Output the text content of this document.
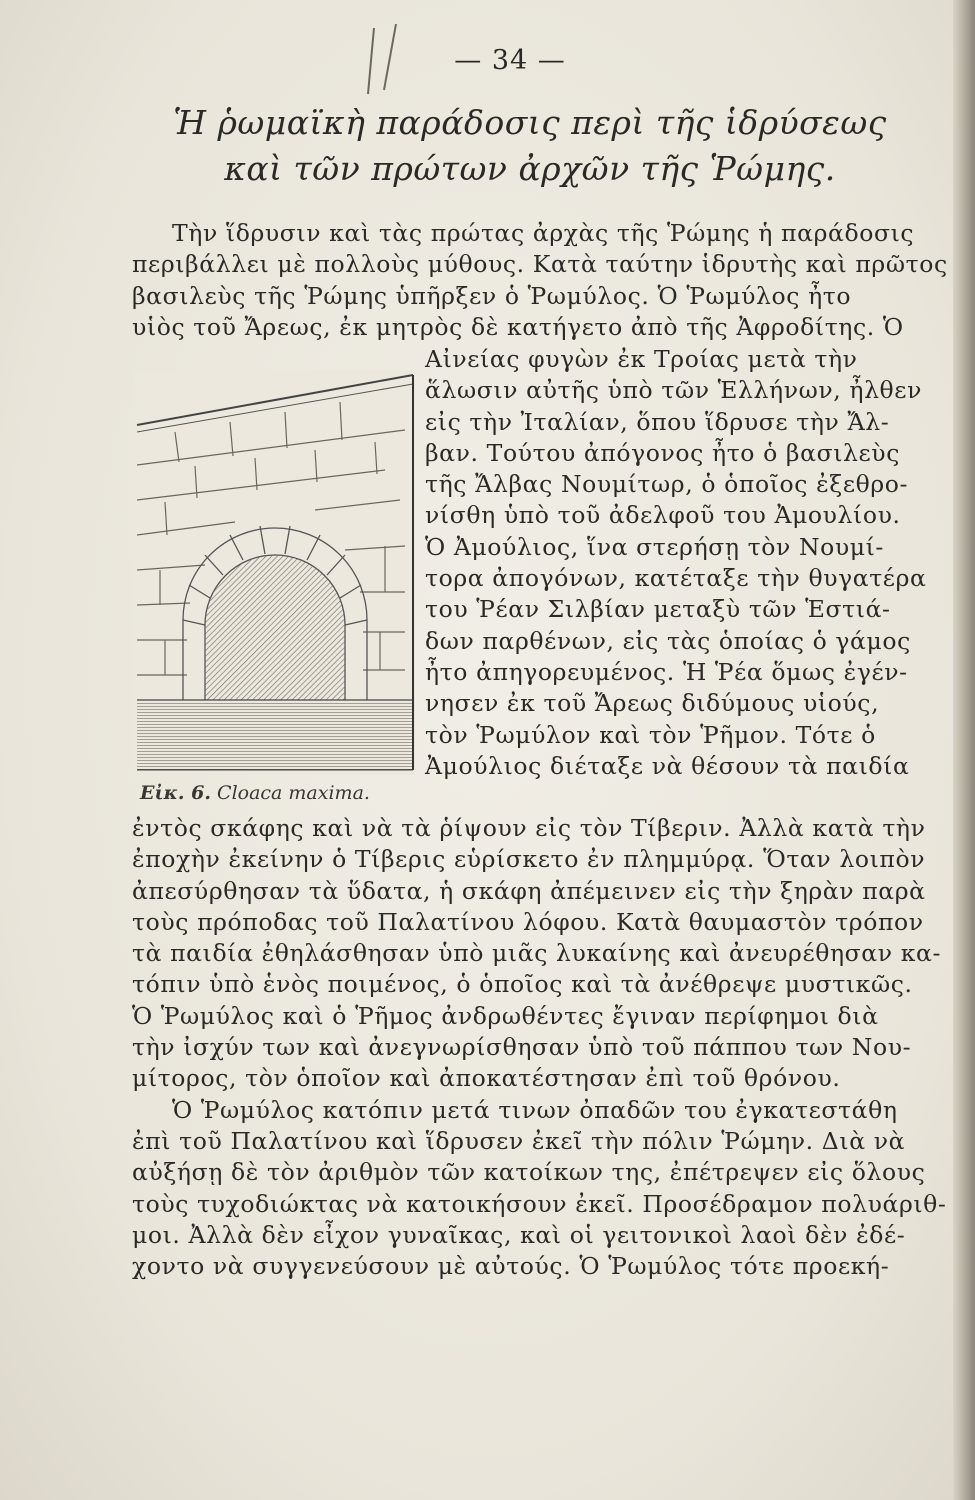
— 34 —
Ἡ ῥωμαϊκὴ παράδοσις περὶ τῆς ἱδρύσεως
καὶ τῶν πρώτων ἀρχῶν τῆς Ῥώμης.
Τὴν ἵδρυσιν καὶ τὰς πρώτας ἀρχὰς τῆς Ῥώμης ἡ παράδοσις
περιβάλλει μὲ πολλοὺς μύθους. Κατὰ ταύτην ἱδρυτὴς καὶ πρῶτος
βασιλεὺς τῆς Ῥώμης ὑπῆρξεν ὁ Ῥωμύλος. Ὁ Ῥωμύλος ἦτο
υἱὸς τοῦ Ἄρεως, ἐκ μητρὸς δὲ κατήγετο ἀπὸ τῆς Ἀφροδίτης. Ὁ
Αἰνείας φυγὼν ἐκ Τροίας μετὰ τὴν
ἅλωσιν αὐτῆς ὑπὸ τῶν Ἑλλήνων, ἦλθεν
εἰς τὴν Ἰταλίαν, ὅπου ἵδρυσε τὴν Ἄλ-
βαν. Τούτου ἀπόγονος ἦτο ὁ βασιλεὺς
τῆς Ἄλβας Νουμίτωρ, ὁ ὁποῖος ἐξεθρο-
νίσθη ὑπὸ τοῦ ἀδελφοῦ του Ἀμουλίου.
Ὁ Ἀμούλιος, ἵνα στερήσῃ τὸν Νουμί-
τορα ἀπογόνων, κατέταξε τὴν θυγατέρα
του Ῥέαν Σιλβίαν μεταξὺ τῶν Ἑστιά-
δων παρθένων, εἰς τὰς ὁποίας ὁ γάμος
ἦτο ἀπηγορευμένος. Ἡ Ῥέα ὅμως ἐγέν-
νησεν ἐκ τοῦ Ἄρεως διδύμους υἱούς,
τὸν Ῥωμύλον καὶ τὸν Ῥῆμον. Τότε ὁ
Ἀμούλιος διέταξε νὰ θέσουν τὰ παιδία
Εἰκ. 6. Cloaca maxima.
ἐντὸς σκάφης καὶ νὰ τὰ ῥίψουν εἰς τὸν Τίβεριν. Ἀλλὰ κατὰ τὴν
ἐποχὴν ἐκείνην ὁ Τίβερις εὑρίσκετο ἐν πλημμύρᾳ. Ὅταν λοιπὸν
ἀπεσύρθησαν τὰ ὕδατα, ἡ σκάφη ἀπέμεινεν εἰς τὴν ξηρὰν παρὰ
τοὺς πρόποδας τοῦ Παλατίνου λόφου. Κατὰ θαυμαστὸν τρόπον
τὰ παιδία ἐθηλάσθησαν ὑπὸ μιᾶς λυκαίνης καὶ ἀνευρέθησαν κα-
τόπιν ὑπὸ ἑνὸς ποιμένος, ὁ ὁποῖος καὶ τὰ ἀνέθρεψε μυστικῶς.
Ὁ Ῥωμύλος καὶ ὁ Ῥῆμος ἀνδρωθέντες ἔγιναν περίφημοι διὰ
τὴν ἰσχύν των καὶ ἀνεγνωρίσθησαν ὑπὸ τοῦ πάππου των Νου-
μίτορος, τὸν ὁποῖον καὶ ἀποκατέστησαν ἐπὶ τοῦ θρόνου.
Ὁ Ῥωμύλος κατόπιν μετά τινων ὀπαδῶν του ἐγκατεστάθη
ἐπὶ τοῦ Παλατίνου καὶ ἵδρυσεν ἐκεῖ τὴν πόλιν Ῥώμην. Διὰ νὰ
αὐξήσῃ δὲ τὸν ἀριθμὸν τῶν κατοίκων της, ἐπέτρεψεν εἰς ὅλους
τοὺς τυχοδιώκτας νὰ κατοικήσουν ἐκεῖ. Προσέδραμον πολυάριθ-
μοι. Ἀλλὰ δὲν εἶχον γυναῖκας, καὶ οἱ γειτονικοὶ λαοὶ δὲν ἐδέ-
χοντο νὰ συγγενεύσουν μὲ αὐτούς. Ὁ Ῥωμύλος τότε προεκή-
